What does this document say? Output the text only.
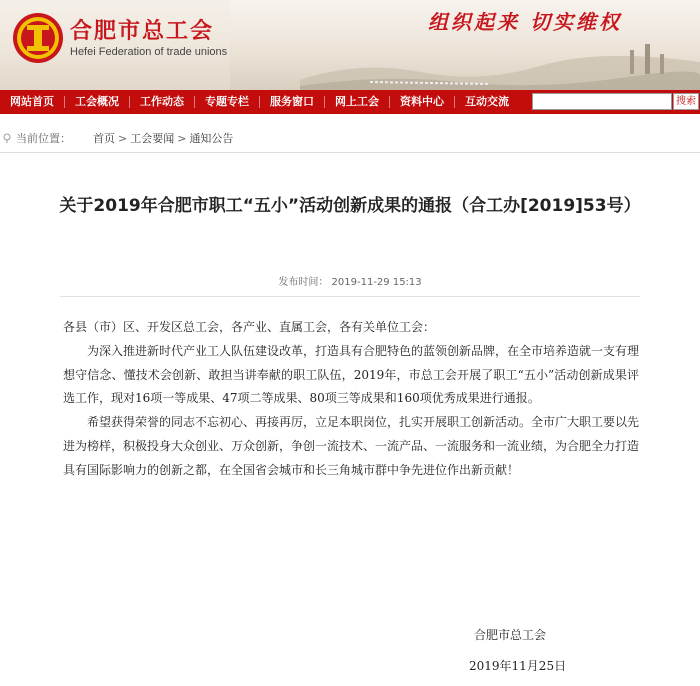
合肥市总工会
Hefei Federation of trade unions
组织起来 切实维权
网站首页	工会概况	工作动态	专题专栏	服务窗口	网上工会	资料中心	互动交流	搜索
当前位置： 首页 > 工会要闻 > 通知公告
关于2019年合肥市职工“五小”活动创新成果的通报（合工办[2019]53号）
发布时间： 2019-11-29 15:13

各县（市）区、开发区总工会，各产业、直属工会，各有关单位工会：

为深入推进新时代产业工人队伍建设改革，打造具有合肥特色的蓝领创新品牌，在全市培养造就一支有理想守信念、懂技术会创新、敢担当讲奉献的职工队伍，2019年，市总工会开展了职工“五小”活动创新成果评选工作，现对16项一等成果、47项二等成果、80项三等成果和160项优秀成果进行通报。

希望获得荣誉的同志不忘初心、再接再厉，立足本职岗位，扎实开展职工创新活动。全市广大职工要以先进为榜样，积极投身大众创业、万众创新，争创一流技术、一流产品、一流服务和一流业绩，为合肥全力打造具有国际影响力的创新之都，在全国省会城市和长三角城市群中争先进位作出新贡献！

合肥市总工会
2019年11月25日
